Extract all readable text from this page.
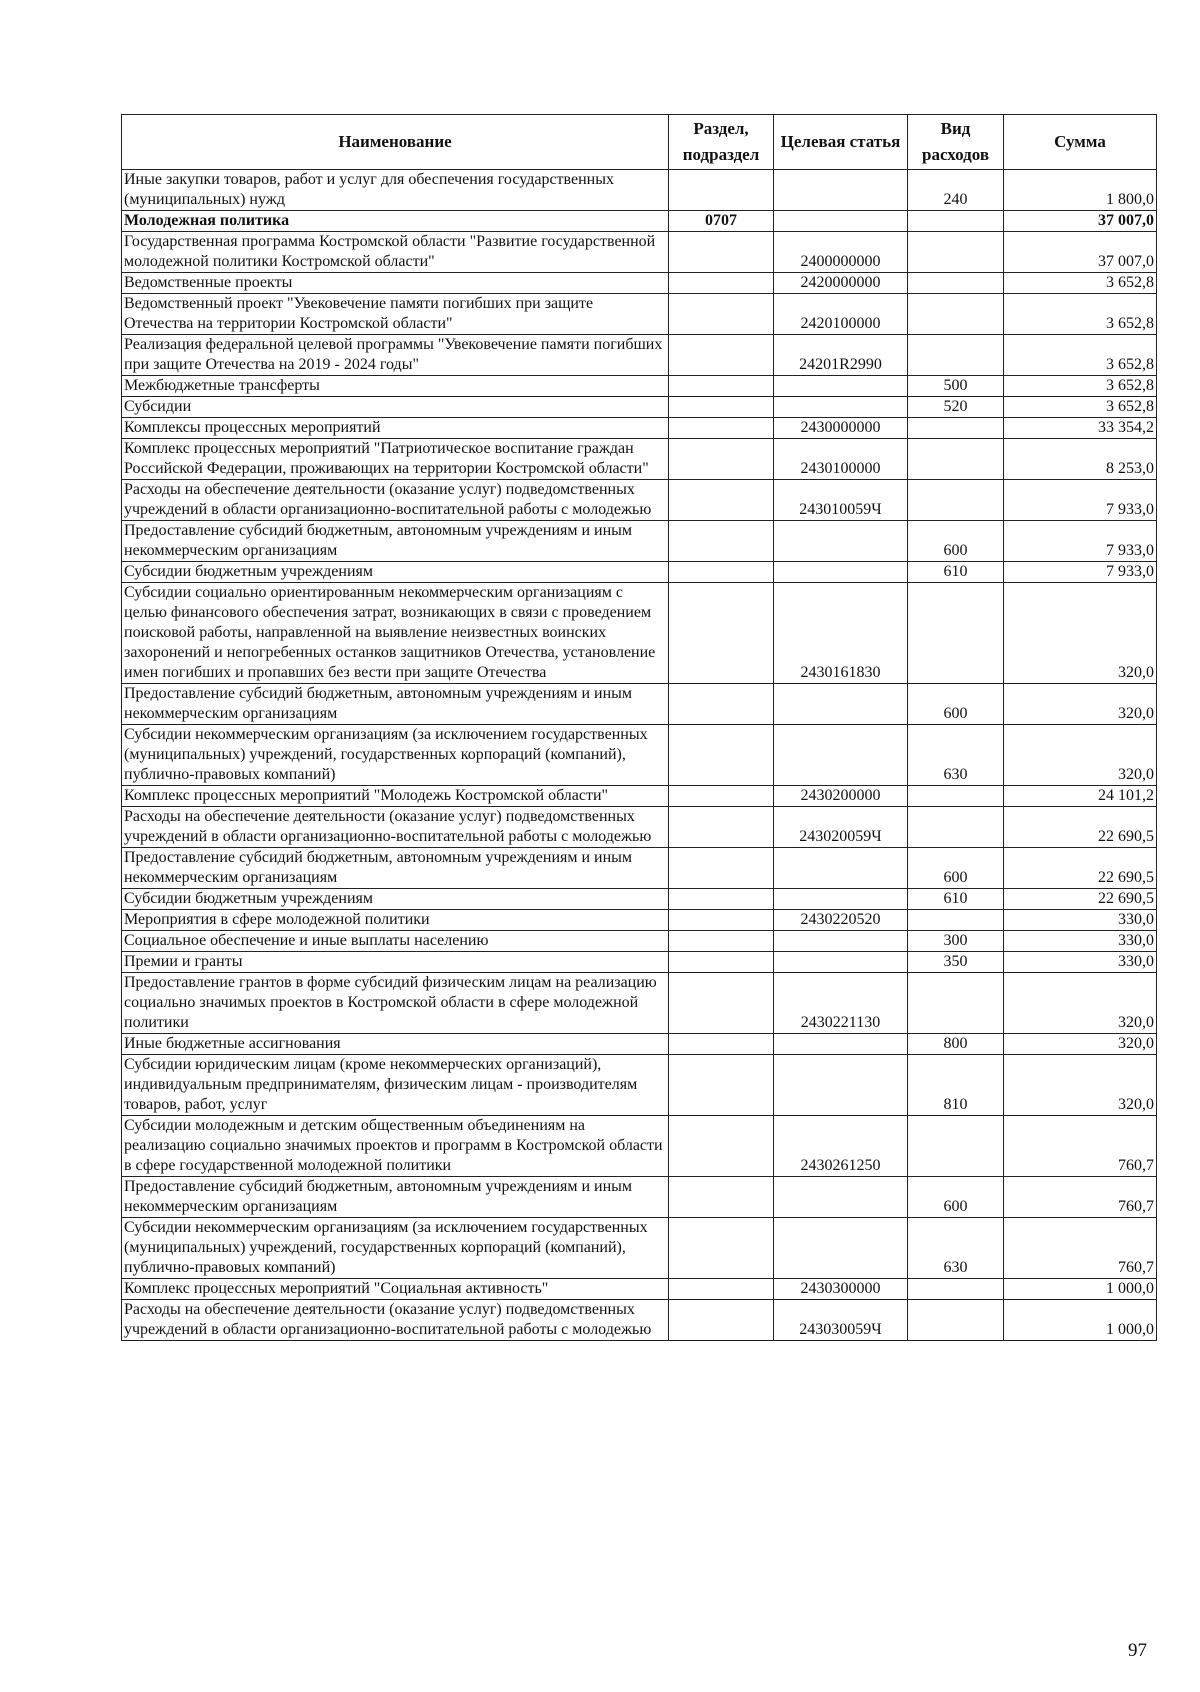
Наименование	Раздел, подраздел	Целевая статья	Вид расходов	Сумма
Иные закупки товаров, работ и услуг для обеспечения государственных (муниципальных) нужд			240	1 800,0
Молодежная политика	0707			37 007,0
Государственная программа Костромской области "Развитие государственной молодежной политики Костромской области"		2400000000		37 007,0
Ведомственные проекты		2420000000		3 652,8
Ведомственный проект "Увековечение памяти погибших при защите Отечества на территории Костромской области"		2420100000		3 652,8
Реализация федеральной целевой программы "Увековечение памяти погибших при защите Отечества на 2019 - 2024 годы"		24201R2990		3 652,8
Межбюджетные трансферты			500	3 652,8
Субсидии			520	3 652,8
Комплексы процессных мероприятий		2430000000		33 354,2
Комплекс процессных мероприятий "Патриотическое воспитание граждан Российской Федерации, проживающих на территории Костромской области"		2430100000		8 253,0
Расходы на обеспечение деятельности (оказание услуг) подведомственных учреждений в области организационно-воспитательной работы с молодежью		243010059Ч		7 933,0
Предоставление субсидий бюджетным, автономным учреждениям и иным некоммерческим организациям			600	7 933,0
Субсидии бюджетным учреждениям			610	7 933,0
Субсидии социально ориентированным некоммерческим организациям с целью финансового обеспечения затрат, возникающих в связи с проведением поисковой работы, направленной на выявление неизвестных воинских захоронений и непогребенных останков защитников Отечества, установление имен погибших и пропавших без вести при защите Отечества		2430161830		320,0
Предоставление субсидий бюджетным, автономным учреждениям и иным некоммерческим организациям			600	320,0
Субсидии некоммерческим организациям (за исключением государственных (муниципальных) учреждений, государственных корпораций (компаний), публично-правовых компаний)			630	320,0
Комплекс процессных мероприятий "Молодежь Костромской области"		2430200000		24 101,2
Расходы на обеспечение деятельности (оказание услуг) подведомственных учреждений в области организационно-воспитательной работы с молодежью		243020059Ч		22 690,5
Предоставление субсидий бюджетным, автономным учреждениям и иным некоммерческим организациям			600	22 690,5
Субсидии бюджетным учреждениям			610	22 690,5
Мероприятия в сфере молодежной политики		2430220520		330,0
Социальное обеспечение и иные выплаты населению			300	330,0
Премии и гранты			350	330,0
Предоставление грантов в форме субсидий физическим лицам на реализацию социально значимых проектов в Костромской области в сфере молодежной политики		2430221130		320,0
Иные бюджетные ассигнования			800	320,0
Субсидии юридическим лицам (кроме некоммерческих организаций), индивидуальным предпринимателям, физическим лицам - производителям товаров, работ, услуг			810	320,0
Субсидии молодежным и детским общественным объединениям на реализацию социально значимых проектов и программ в Костромской области в сфере государственной молодежной политики		2430261250		760,7
Предоставление субсидий бюджетным, автономным учреждениям и иным некоммерческим организациям			600	760,7
Субсидии некоммерческим организациям (за исключением государственных (муниципальных) учреждений, государственных корпораций (компаний), публично-правовых компаний)			630	760,7
Комплекс процессных мероприятий "Социальная активность"		2430300000		1 000,0
Расходы на обеспечение деятельности (оказание услуг) подведомственных учреждений в области организационно-воспитательной работы с молодежью		243030059Ч		1 000,0
97
